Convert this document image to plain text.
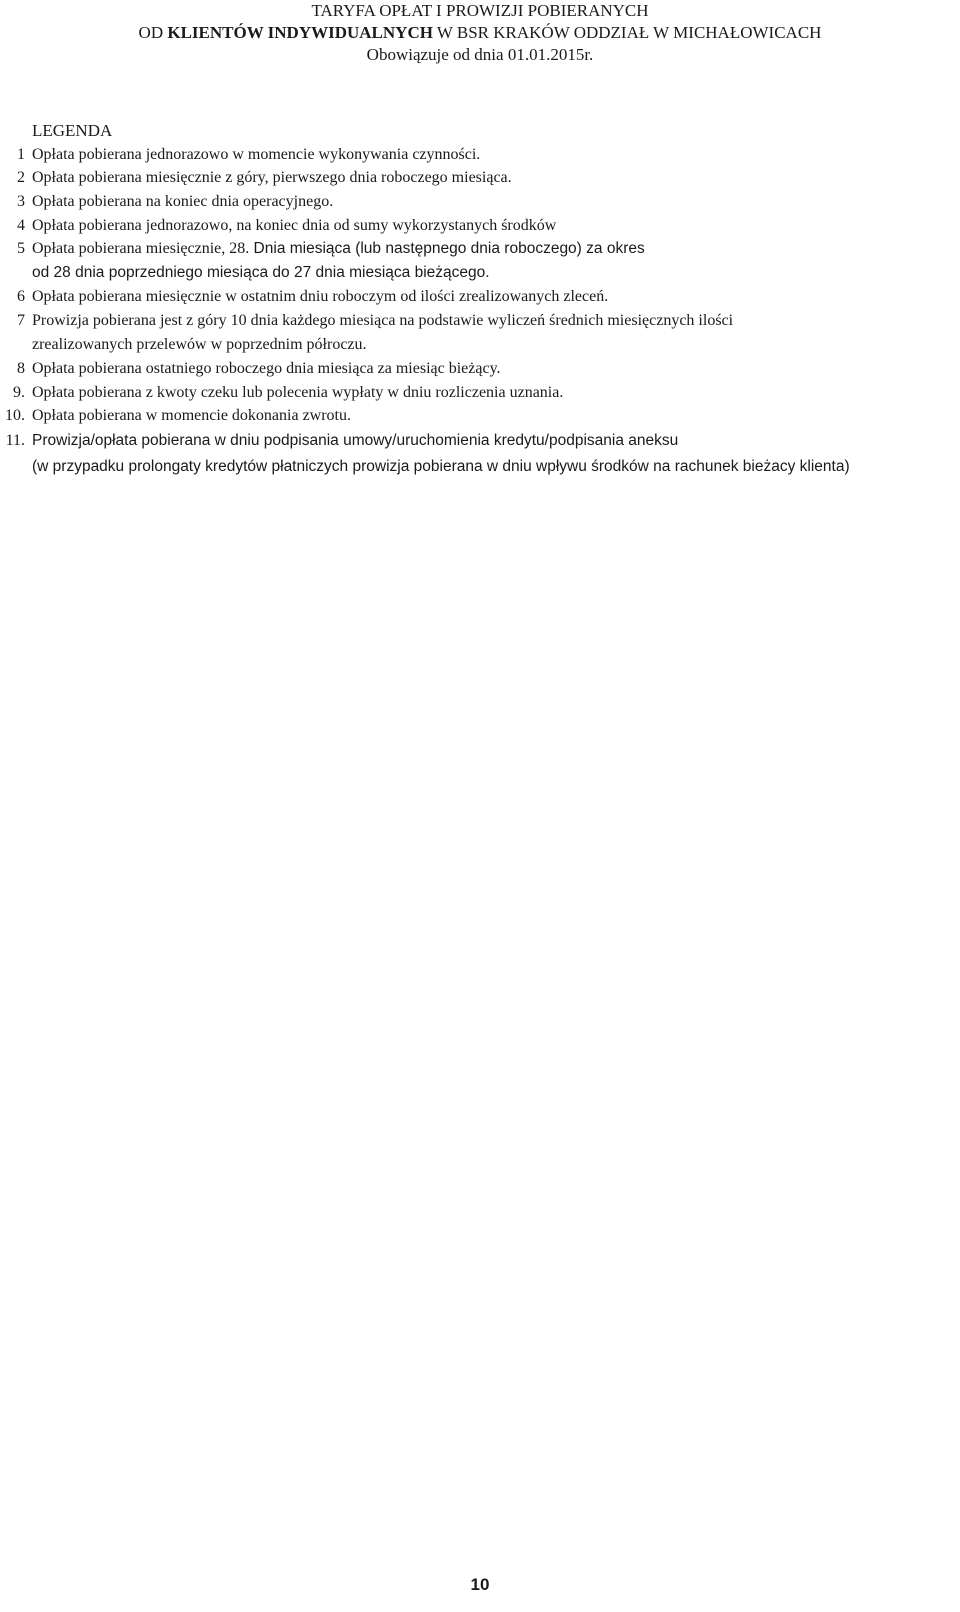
TARYFA OPŁAT I PROWIZJI POBIERANYCH
OD KLIENTÓW INDYWIDUALNYCH W BSR KRAKÓW ODDZIAŁ W MICHAŁOWICACH
Obowiązuje od dnia 01.01.2015r.
LEGENDA
1 Opłata pobierana jednorazowo w momencie wykonywania czynności.
2 Opłata pobierana miesięcznie z góry, pierwszego dnia roboczego miesiąca.
3 Opłata pobierana na koniec dnia operacyjnego.
4 Opłata pobierana jednorazowo, na koniec dnia od sumy wykorzystanych środków
5 Opłata pobierana miesięcznie, 28. Dnia miesiąca (lub następnego dnia roboczego) za okres
od 28 dnia poprzedniego miesiąca do 27 dnia miesiąca bieżącego.
6 Opłata pobierana miesięcznie w ostatnim dniu roboczym od ilości zrealizowanych zleceń.
7 Prowizja pobierana jest z góry 10 dnia każdego miesiąca na podstawie wyliczeń średnich miesięcznych ilości
zrealizowanych przelewów w poprzednim półroczu.
8 Opłata pobierana ostatniego roboczego dnia miesiąca za miesiąc bieżący.
9. Opłata pobierana z kwoty czeku lub polecenia wypłaty w dniu rozliczenia uznania.
10. Opłata pobierana w momencie dokonania zwrotu.
11. Prowizja/opłata pobierana w dniu podpisania umowy/uruchomienia kredytu/podpisania aneksu
(w przypadku prolongaty kredytów płatniczych prowizja pobierana w dniu wpływu środków na rachunek bieżacy klienta)
10
